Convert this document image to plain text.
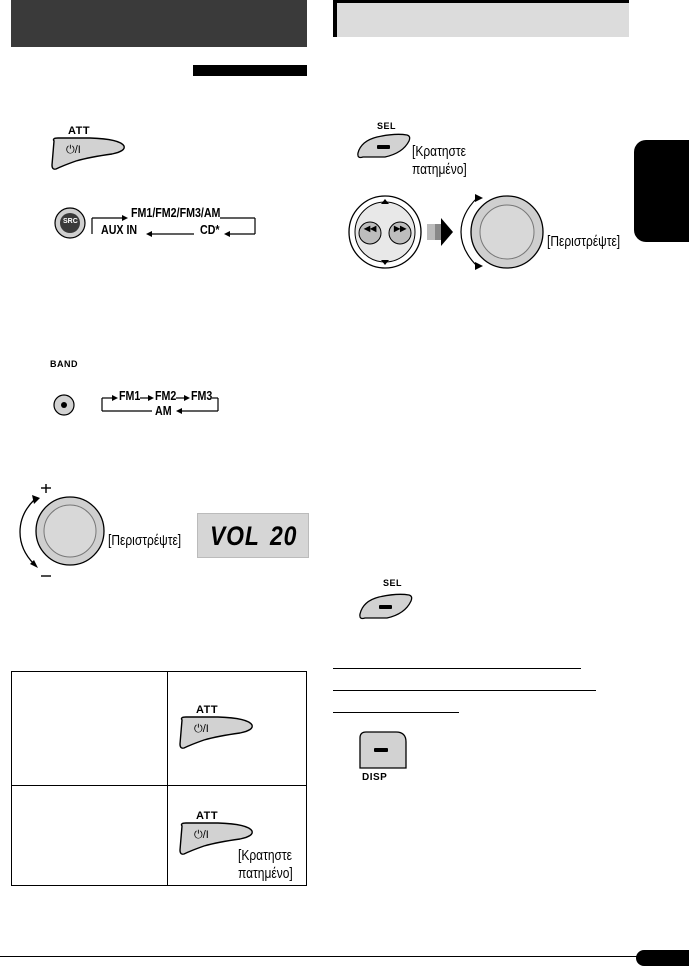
ATT
⏻/I
SRC
FM1/FM2/FM3/AM
AUX IN	CD*
BAND
FM1 FM2 FM3
AM
[Περιστρέψτε] VOL 20

	ATT
⏻/I

	ATT
⏻/I
[Κρατηστε
πατημένο]
SEL
[Κρατηστε
πατημένο]
◀◀ ▶▶
[Περιστρέψτε]
SEL
DISP
